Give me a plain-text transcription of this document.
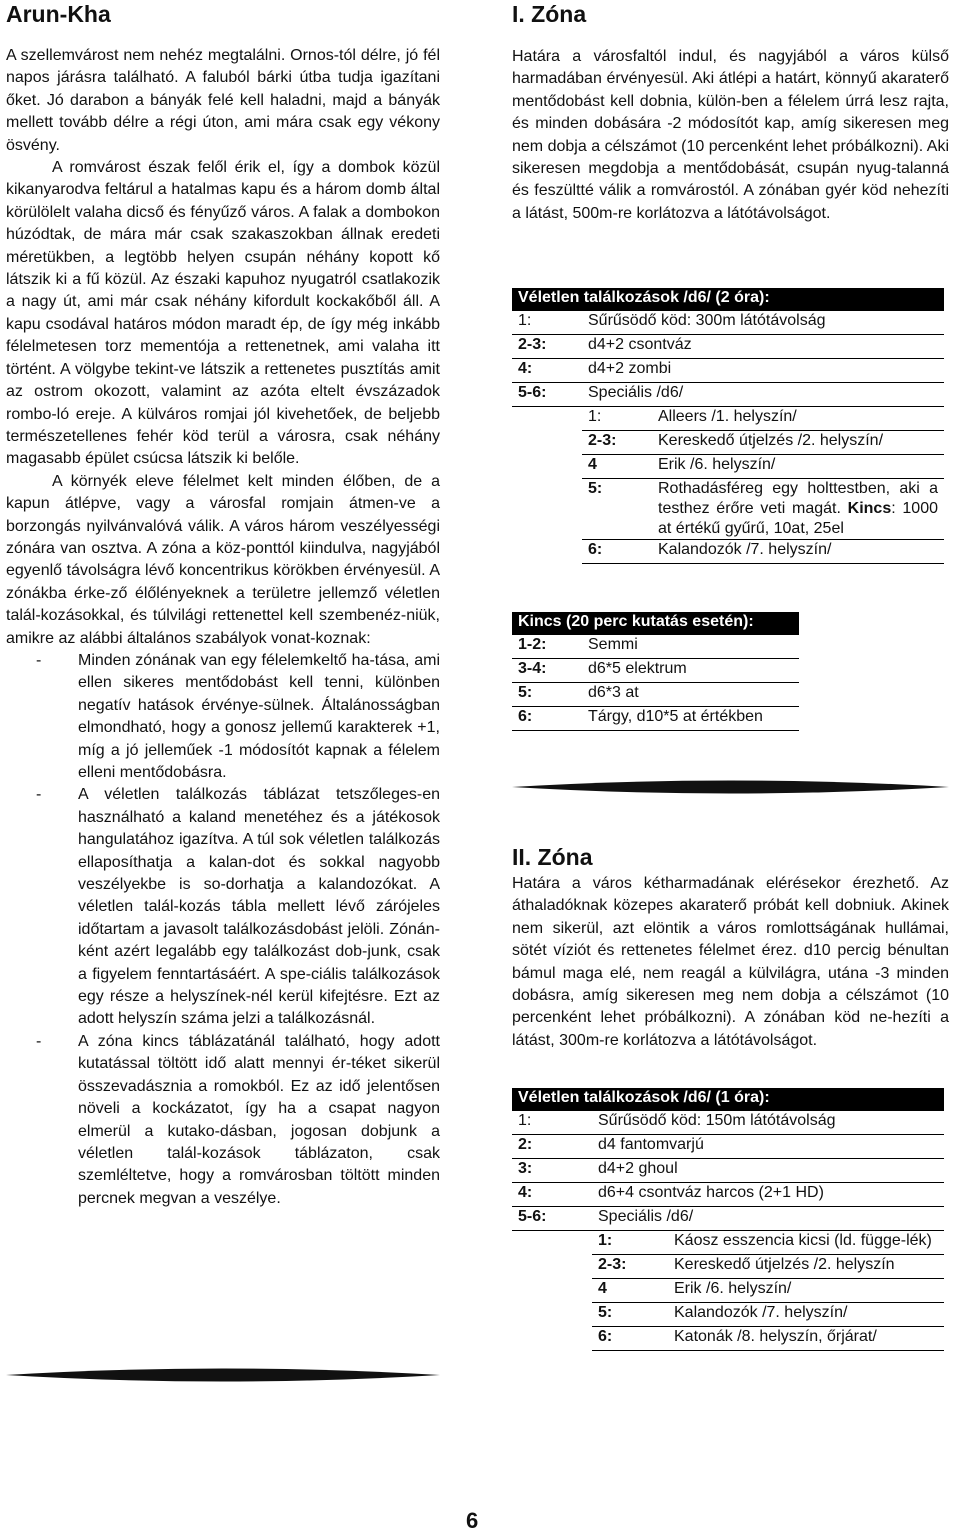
Arun-Kha

A szellemvárost nem nehéz megtalálni. Ornos-tól délre, jó fél napos járásra található. A faluból bárki útba tudja igazítani őket. Jó darabon a bányák felé kell haladni, majd a bányák mellett tovább délre a régi úton, ami mára csak egy vékony ösvény.

A romvárost észak felől érik el, így a dombok közül kikanyarodva feltárul a hatalmas kapu és a három domb által körülölelt valaha dicső és fényűző város. A falak a dombokon húzódtak, de mára már csak szakaszokban állnak eredeti méretükben, a legtöbb helyen csupán néhány kopott kő látszik ki a fű közül. Az északi kapuhoz nyugatról csatlakozik a nagy út, ami már csak néhány kifordult kockakőből áll. A kapu csodával határos módon maradt ép, de így még inkább félelmetesen torz mementója a rettenetnek, ami valaha itt történt. A völgybe tekint-ve látszik a rettenetes pusztítás amit az ostrom okozott, valamint az azóta eltelt évszázadok rombo-ló ereje. A külváros romjai jól kivehetőek, de beljebb természetellenes fehér köd terül a városra, csak néhány magasabb épület csúcsa látszik ki belőle.

A környék eleve félelmet kelt minden élőben, de a kapun átlépve, vagy a városfal romjain átmen-ve a borzongás nyilvánvalóvá válik. A város három veszélyességi zónára van osztva. A zóna a köz-ponttól kiindulva, nagyjából egyenlő távolságra lévő koncentrikus körökben érvényesül. A zónákba érke-ző élőlényeknek a területre jellemző véletlen talál-kozásokkal, és túlvilági rettenettel kell szembenéz-niük, amikre az alábbi általános szabályok vonat-koznak:

- Minden zónának van egy félelemkeltő ha-tása, ami ellen sikeres mentődobást kell tenni, különben negatív hatások érvénye-sülnek. Általánosságban elmondható, hogy a gonosz jellemű karakterek +1, míg a jó jelleműek -1 módosítót kapnak a félelem elleni mentődobásra.
- A véletlen találkozás táblázat tetszőleges-en használható a kaland menetéhez és a játékosok hangulatához igazítva. A túl sok véletlen találkozás ellaposíthatja a kalan-dot és sokkal nagyobb veszélyekbe is so-dorhatja a kalandozókat. A véletlen talál-kozás tábla mellett lévő zárójeles időtartam a javasolt találkozásdobást jelöli. Zónán-ként azért legalább egy találkozást dob-junk, csak a figyelem fenntartásáért. A spe-ciális találkozások egy része a helyszínek-nél kerül kifejtésre. Ezt az adott helyszín száma jelzi a találkozásnál.
- A zóna kincs táblázatánál található, hogy adott kutatással töltött idő alatt mennyi ér-téket sikerül összevadásznia a romokból. Ez az idő jelentősen növeli a kockázatot, így ha a csapat nagyon elmerül a kutako-dásban, jogosan dobjunk a véletlen talál-kozások táblázaton, csak szemléltetve, hogy a romvárosban töltött minden percnek megvan a veszélye.
I. Zóna

Határa a városfaltól indul, és nagyjából a város külső harmadában érvényesül. Aki átlépi a határt, könnyű akaraterő mentődobást kell dobnia, külön-ben a félelem úrrá lesz rajta, és minden dobására -2 módosítót kap, amíg sikeresen meg nem dobja a célszámot (10 percenként lehet próbálkozni). Aki sikeresen megdobja a mentődobását, csupán nyug-talanná és feszültté válik a romvárostól. A zónában gyér köd nehezíti a látást, 500m-re korlátozva a látótávolságot.

Véletlen találkozások /d6/ (2 óra):		
1:	Sűrűsödő köd: 300m látótávolság	
2-3:	d4+2 csontváz	
4:	d4+2 zombi	
5-6:	Speciális /d6/	
	1:	Alleers /1. helyszín/
	2-3:	Kereskedő útjelzés /2. helyszín/
	4	Erik /6. helyszín/
	5:	Rothadásféreg egy holttestben, aki a testhez érőre veti magát. Kincs: 1000 at értékű gyűrű, 10at, 25el
	6:	Kalandozók /7. helyszín/
Kincs (20 perc kutatás esetén):	
1-2:	Semmi
3-4:	d6*5 elektrum
5:	d6*3 at
6:	Tárgy, d10*5 at értékben
II. Zóna

Határa a város kétharmadának elérésekor érezhető. Az áthaladóknak közepes akaraterő próbát kell dobniuk. Akinek nem sikerül, azt elöntik a város romlottságának hullámai, sötét víziót és rettenetes félelmet érez. d10 percig bénultan bámul maga elé, nem reagál a külvilágra, utána -3 minden dobásra, amíg sikeresen meg nem dobja a célszámot (10 percenként lehet próbálkozni). A zónában köd ne-hezíti a látást, 300m-re korlátozva a látótávolságot.

Véletlen találkozások /d6/ (1 óra):		
1:	Sűrűsödő köd: 150m látótávolság	
2:	d4 fantomvarjú	
3:	d4+2 ghoul	
4:	d6+4 csontváz harcos (2+1 HD)	
5-6:	Speciális /d6/	
	1:	Káosz esszencia kicsi (ld. függe-lék)
	2-3:	Kereskedő útjelzés /2. helyszín
	4	Erik /6. helyszín/
	5:	Kalandozók /7. helyszín/
	6:	Katonák /8. helyszín, őrjárat/
6
